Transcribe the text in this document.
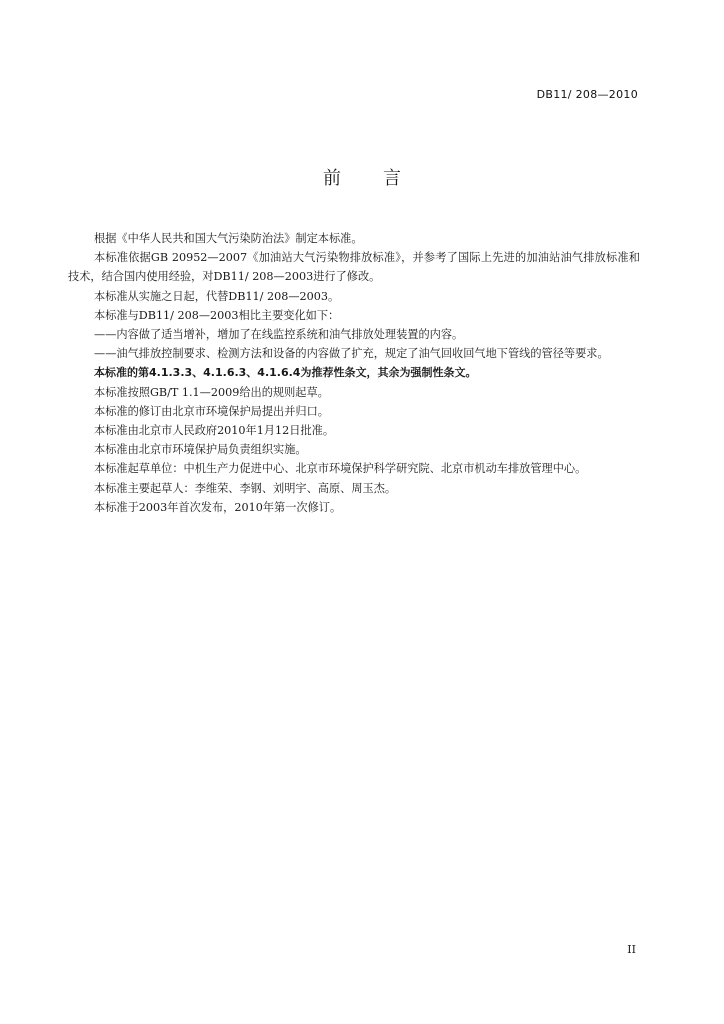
DB11/ 208—2010
前 言

根据《中华人民共和国大气污染防治法》制定本标准。

本标准依据GB 20952—2007《加油站大气污染物排放标准》，并参考了国际上先进的加油站油气排放标准和技术，结合国内使用经验，对DB11/ 208—2003进行了修改。

本标准从实施之日起，代替DB11/ 208—2003。

本标准与DB11/ 208—2003相比主要变化如下：

——内容做了适当增补，增加了在线监控系统和油气排放处理装置的内容。

——油气排放控制要求、检测方法和设备的内容做了扩充，规定了油气回收回气地下管线的管径等要求。

本标准的第4.1.3.3、4.1.6.3、4.1.6.4为推荐性条文，其余为强制性条文。

本标准按照GB/T 1.1—2009给出的规则起草。

本标准的修订由北京市环境保护局提出并归口。

本标准由北京市人民政府2010年1月12日批准。

本标准由北京市环境保护局负责组织实施。

本标准起草单位：中机生产力促进中心、北京市环境保护科学研究院、北京市机动车排放管理中心。

本标准主要起草人：李维荣、李钢、刘明宇、高原、周玉杰。

本标准于2003年首次发布，2010年第一次修订。

II
